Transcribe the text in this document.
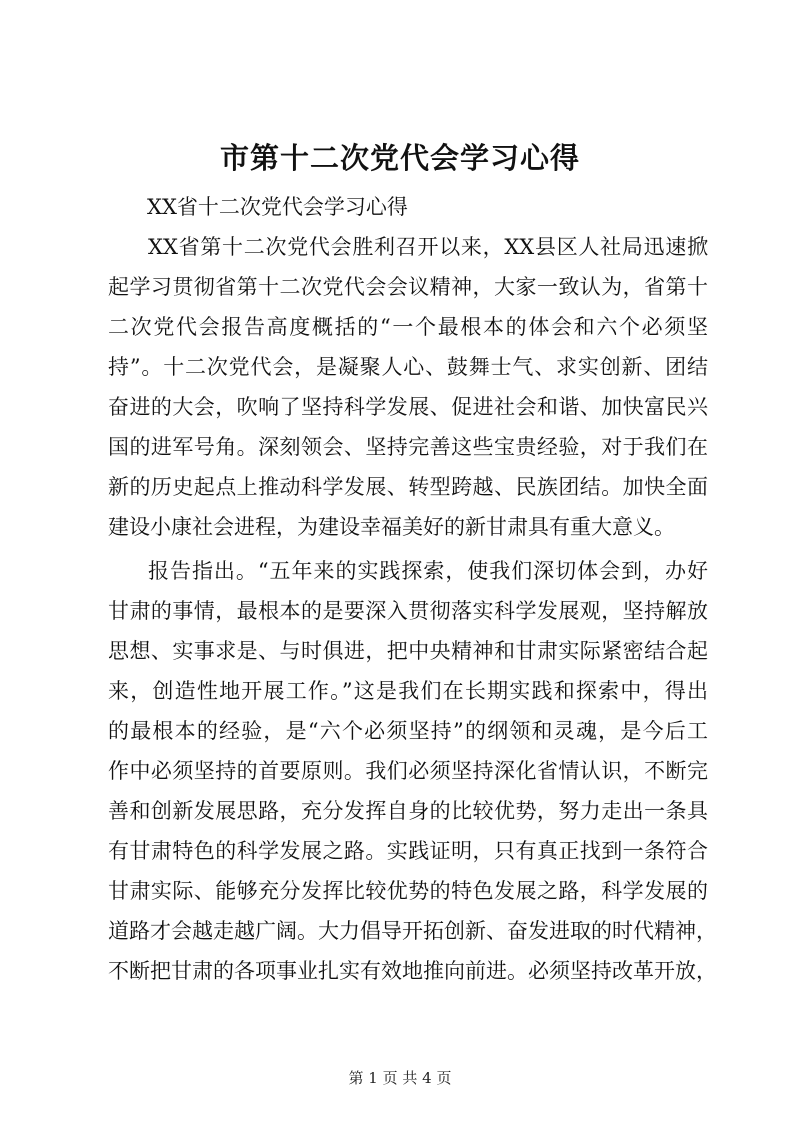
市第十二次党代会学习心得
XX省十二次党代会学习心得
XX省第十二次党代会胜利召开以来，XX县区人社局迅速掀
起学习贯彻省第十二次党代会会议精神，大家一致认为，省第十
二次党代会报告高度概括的“一个最根本的体会和六个必须坚
持”。十二次党代会，是凝聚人心、鼓舞士气、求实创新、团结
奋进的大会，吹响了坚持科学发展、促进社会和谐、加快富民兴
国的进军号角。深刻领会、坚持完善这些宝贵经验，对于我们在
新的历史起点上推动科学发展、转型跨越、民族团结。加快全面
建设小康社会进程，为建设幸福美好的新甘肃具有重大意义。
报告指出。“五年来的实践探索，使我们深切体会到，办好
甘肃的事情，最根本的是要深入贯彻落实科学发展观，坚持解放
思想、实事求是、与时俱进，把中央精神和甘肃实际紧密结合起
来，创造性地开展工作。”这是我们在长期实践和探索中，得出
的最根本的经验，是“六个必须坚持”的纲领和灵魂，是今后工
作中必须坚持的首要原则。我们必须坚持深化省情认识，不断完
善和创新发展思路，充分发挥自身的比较优势，努力走出一条具
有甘肃特色的科学发展之路。实践证明，只有真正找到一条符合
甘肃实际、能够充分发挥比较优势的特色发展之路，科学发展的
道路才会越走越广阔。大力倡导开拓创新、奋发进取的时代精神，
不断把甘肃的各项事业扎实有效地推向前进。必须坚持改革开放，
第 1 页 共 4 页
